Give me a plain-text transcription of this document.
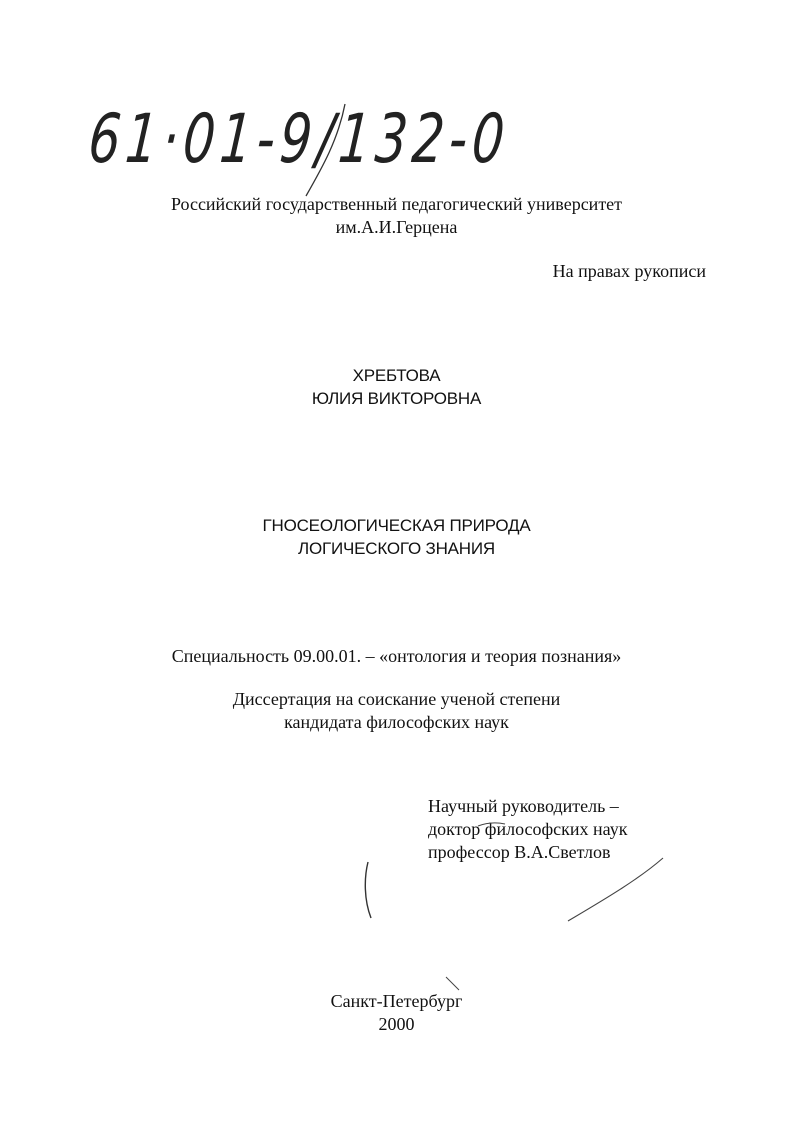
61·01-9/132-0
Российский государственный педагогический университет
им.А.И.Герцена
На правах рукописи
ХРЕБТОВА
ЮЛИЯ ВИКТОРОВНА
ГНОСЕОЛОГИЧЕСКАЯ ПРИРОДА
ЛОГИЧЕСКОГО ЗНАНИЯ
Специальность 09.00.01. – «онтология и теория познания»
Диссертация на соискание ученой степени
кандидата философских наук
Научный руководитель –
доктор философских наук
профессор В.А.Светлов
Санкт-Петербург
2000
